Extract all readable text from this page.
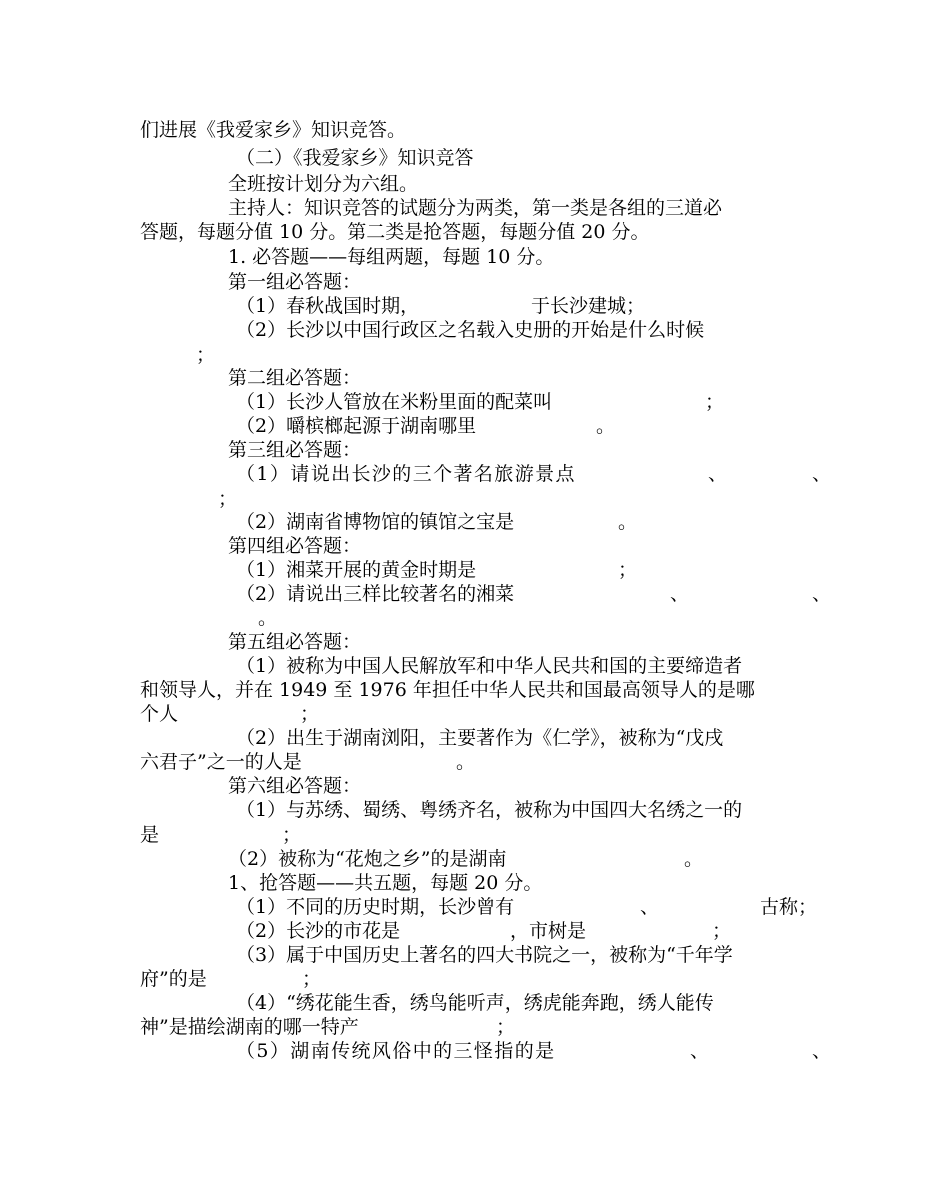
们进展《我爱家乡》知识竞答。
（二）《我爱家乡》知识竞答
全班按计划分为六组。
主持人：知识竞答的试题分为两类，第一类是各组的三道必
答题，每题分值 10 分。第二类是抢答题，每题分值 20 分。
1. 必答题——每组两题，每题 10 分。
第一组必答题：
（1）春秋战国时期，	于长沙建城；
（2）长沙以中国行政区之名载入史册的开始是什么时候
；
第二组必答题：
（1）长沙人管放在米粉里面的配菜叫	；
（2）嚼槟榔起源于湖南哪里	。
第三组必答题：
（1）请说出长沙的三个著名旅游景点	、	、
；
（2）湖南省博物馆的镇馆之宝是	。
第四组必答题：
（1）湘菜开展的黄金时期是	；
（2）请说出三样比较著名的湘菜	、	、
。
第五组必答题：
（1）被称为中国人民解放军和中华人民共和国的主要缔造者
和领导人，并在 1949 至 1976 年担任中华人民共和国最高领导人的是哪
个人	；
（2）出生于湖南浏阳，主要著作为《仁学》，被称为“戊戌
六君子”之一的人是	。
第六组必答题：
（1）与苏绣、蜀绣、粤绣齐名，被称为中国四大名绣之一的
是	；
（2）被称为“花炮之乡”的是湖南	。
1、抢答题——共五题，每题 20 分。
（1）不同的历史时期，长沙曾有	、	古称；
（2）长沙的市花是	，市树是	；
（3）属于中国历史上著名的四大书院之一，被称为“千年学
府”的是	；
（4）“绣花能生香，绣鸟能听声，绣虎能奔跑，绣人能传
神”是描绘湖南的哪一特产	；
（5）湖南传统风俗中的三怪指的是	、	、
